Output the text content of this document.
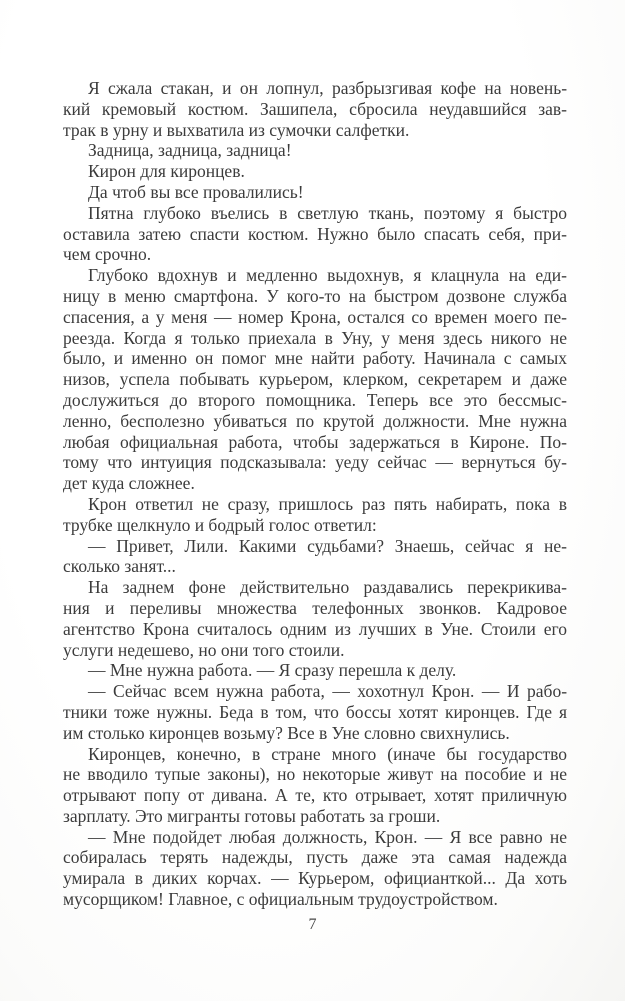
Я сжала стакан, и он лопнул, разбрызгивая кофе на новень-
кий кремовый костюм. Зашипела, сбросила неудавшийся зав-
трак в урну и выхватила из сумочки салфетки.
Задница, задница, задница!
Кирон для киронцев.
Да чтоб вы все провалились!
Пятна глубоко въелись в светлую ткань, поэтому я быстро
оставила затею спасти костюм. Нужно было спасать себя, при-
чем срочно.
Глубоко вдохнув и медленно выдохнув, я клацнула на еди-
ницу в меню смартфона. У кого-то на быстром дозвоне служба
спасения, а у меня — номер Крона, остался со времен моего пе-
реезда. Когда я только приехала в Уну, у меня здесь никого не
было, и именно он помог мне найти работу. Начинала с самых
низов, успела побывать курьером, клерком, секретарем и даже
дослужиться до второго помощника. Теперь все это бессмыс-
ленно, бесполезно убиваться по крутой должности. Мне нужна
любая официальная работа, чтобы задержаться в Кироне. По-
тому что интуиция подсказывала: уеду сейчас — вернуться бу-
дет куда сложнее.
Крон ответил не сразу, пришлось раз пять набирать, пока в
трубке щелкнуло и бодрый голос ответил:
— Привет, Лили. Какими судьбами? Знаешь, сейчас я не-
сколько занят...
На заднем фоне действительно раздавались перекрикива-
ния и переливы множества телефонных звонков. Кадровое
агентство Крона считалось одним из лучших в Уне. Стоили его
услуги недешево, но они того стоили.
— Мне нужна работа. — Я сразу перешла к делу.
— Сейчас всем нужна работа, — хохотнул Крон. — И рабо-
тники тоже нужны. Беда в том, что боссы хотят киронцев. Где я
им столько киронцев возьму? Все в Уне словно свихнулись.
Киронцев, конечно, в стране много (иначе бы государство
не вводило тупые законы), но некоторые живут на пособие и не
отрывают попу от дивана. А те, кто отрывает, хотят приличную
зарплату. Это мигранты готовы работать за гроши.
— Мне подойдет любая должность, Крон. — Я все равно не
собиралась терять надежды, пусть даже эта самая надежда
умирала в диких корчах. — Курьером, официанткой... Да хоть
мусорщиком! Главное, с официальным трудоустройством.
7
